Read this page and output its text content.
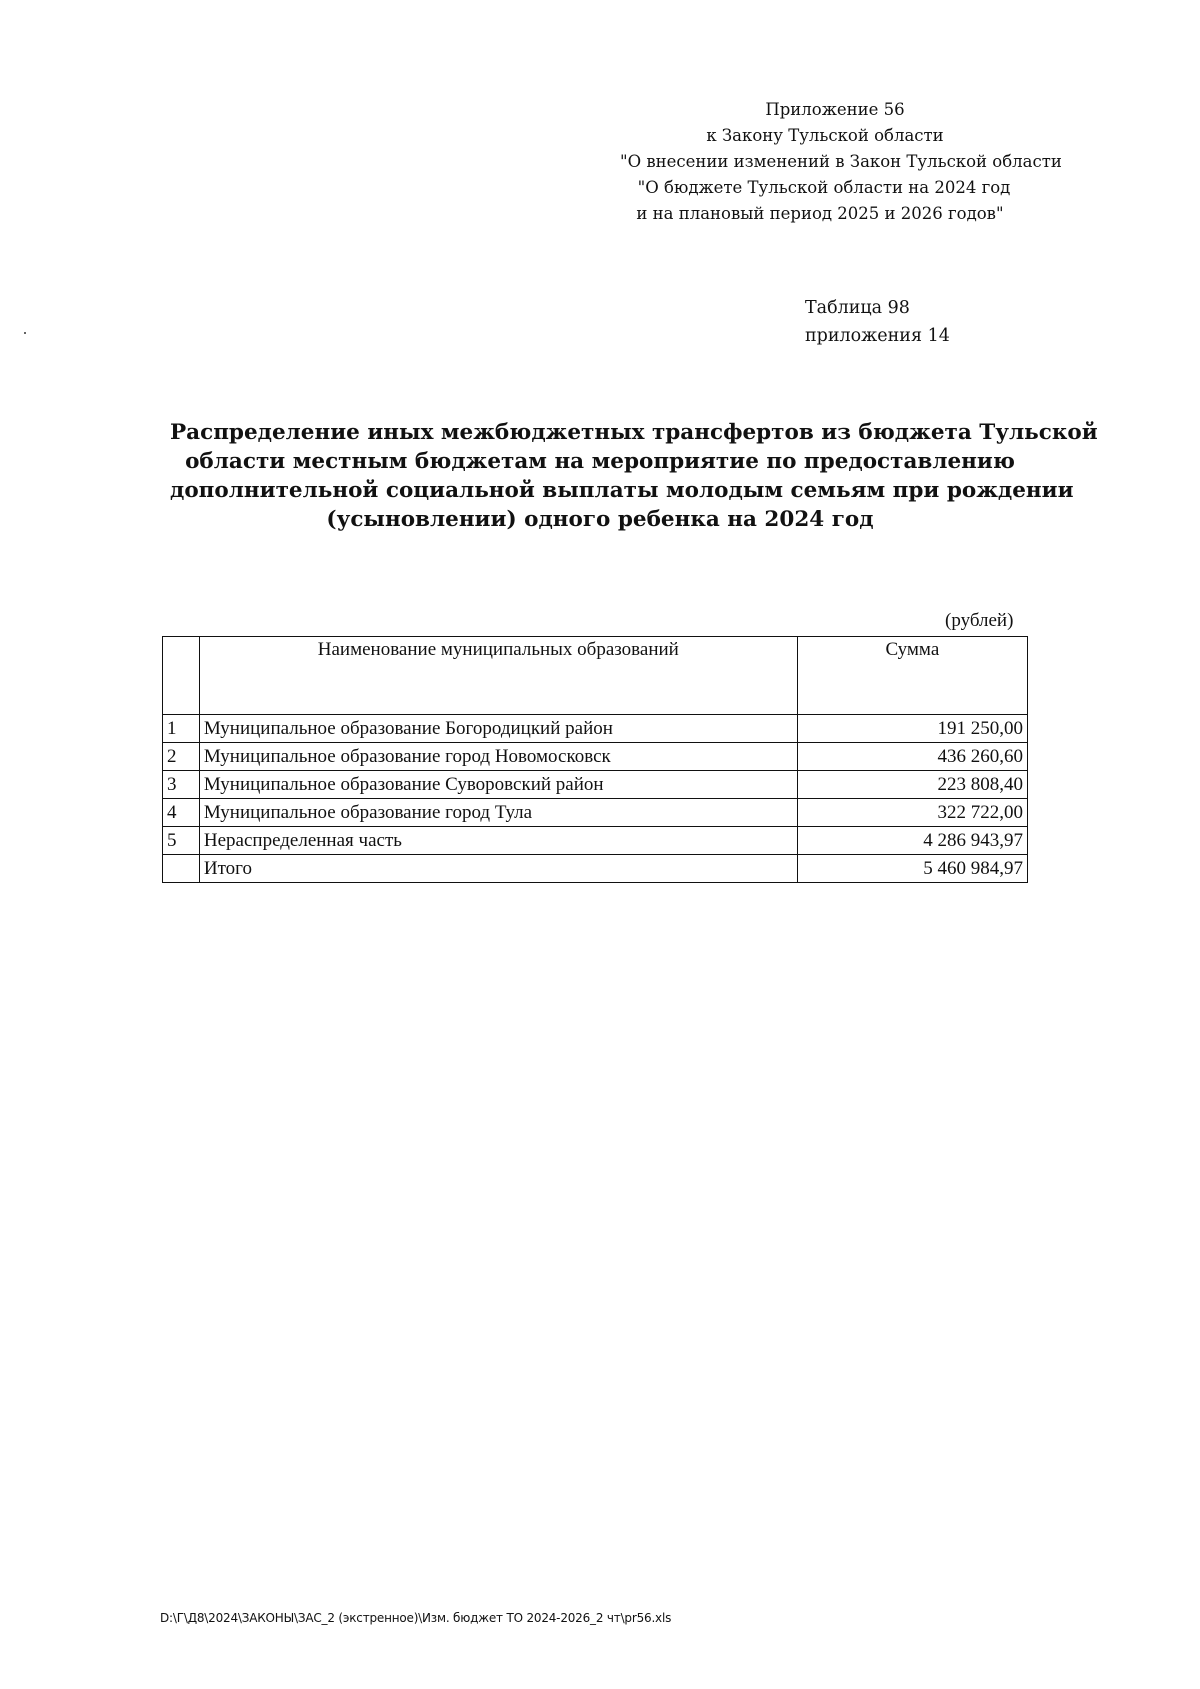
Приложение 56
к Закону Тульской области
"О внесении изменений в Закон Тульской области
"О бюджете Тульской области на 2024 год
и на плановый период 2025 и 2026 годов"
Таблица 98
приложения 14
Распределение иных межбюджетных трансфертов из бюджета Тульской
области местным бюджетам на мероприятие по предоставлению
дополнительной социальной выплаты молодым семьям при рождении
(усыновлении) одного ребенка на 2024 год
(рублей)
	Наименование муниципальных образований	Сумма
1	Муниципальное образование Богородицкий район	191 250,00
2	Муниципальное образование город Новомосковск	436 260,60
3	Муниципальное образование Суворовский район	223 808,40
4	Муниципальное образование город Тула	322 722,00
5	Нераспределенная часть	4 286 943,97
	Итого	5 460 984,97
D:\Г\Д8\2024\ЗАКОНЫ\ЗАС_2 (экстренное)\Изм. бюджет ТО 2024-2026_2 чт\pr56.xls
